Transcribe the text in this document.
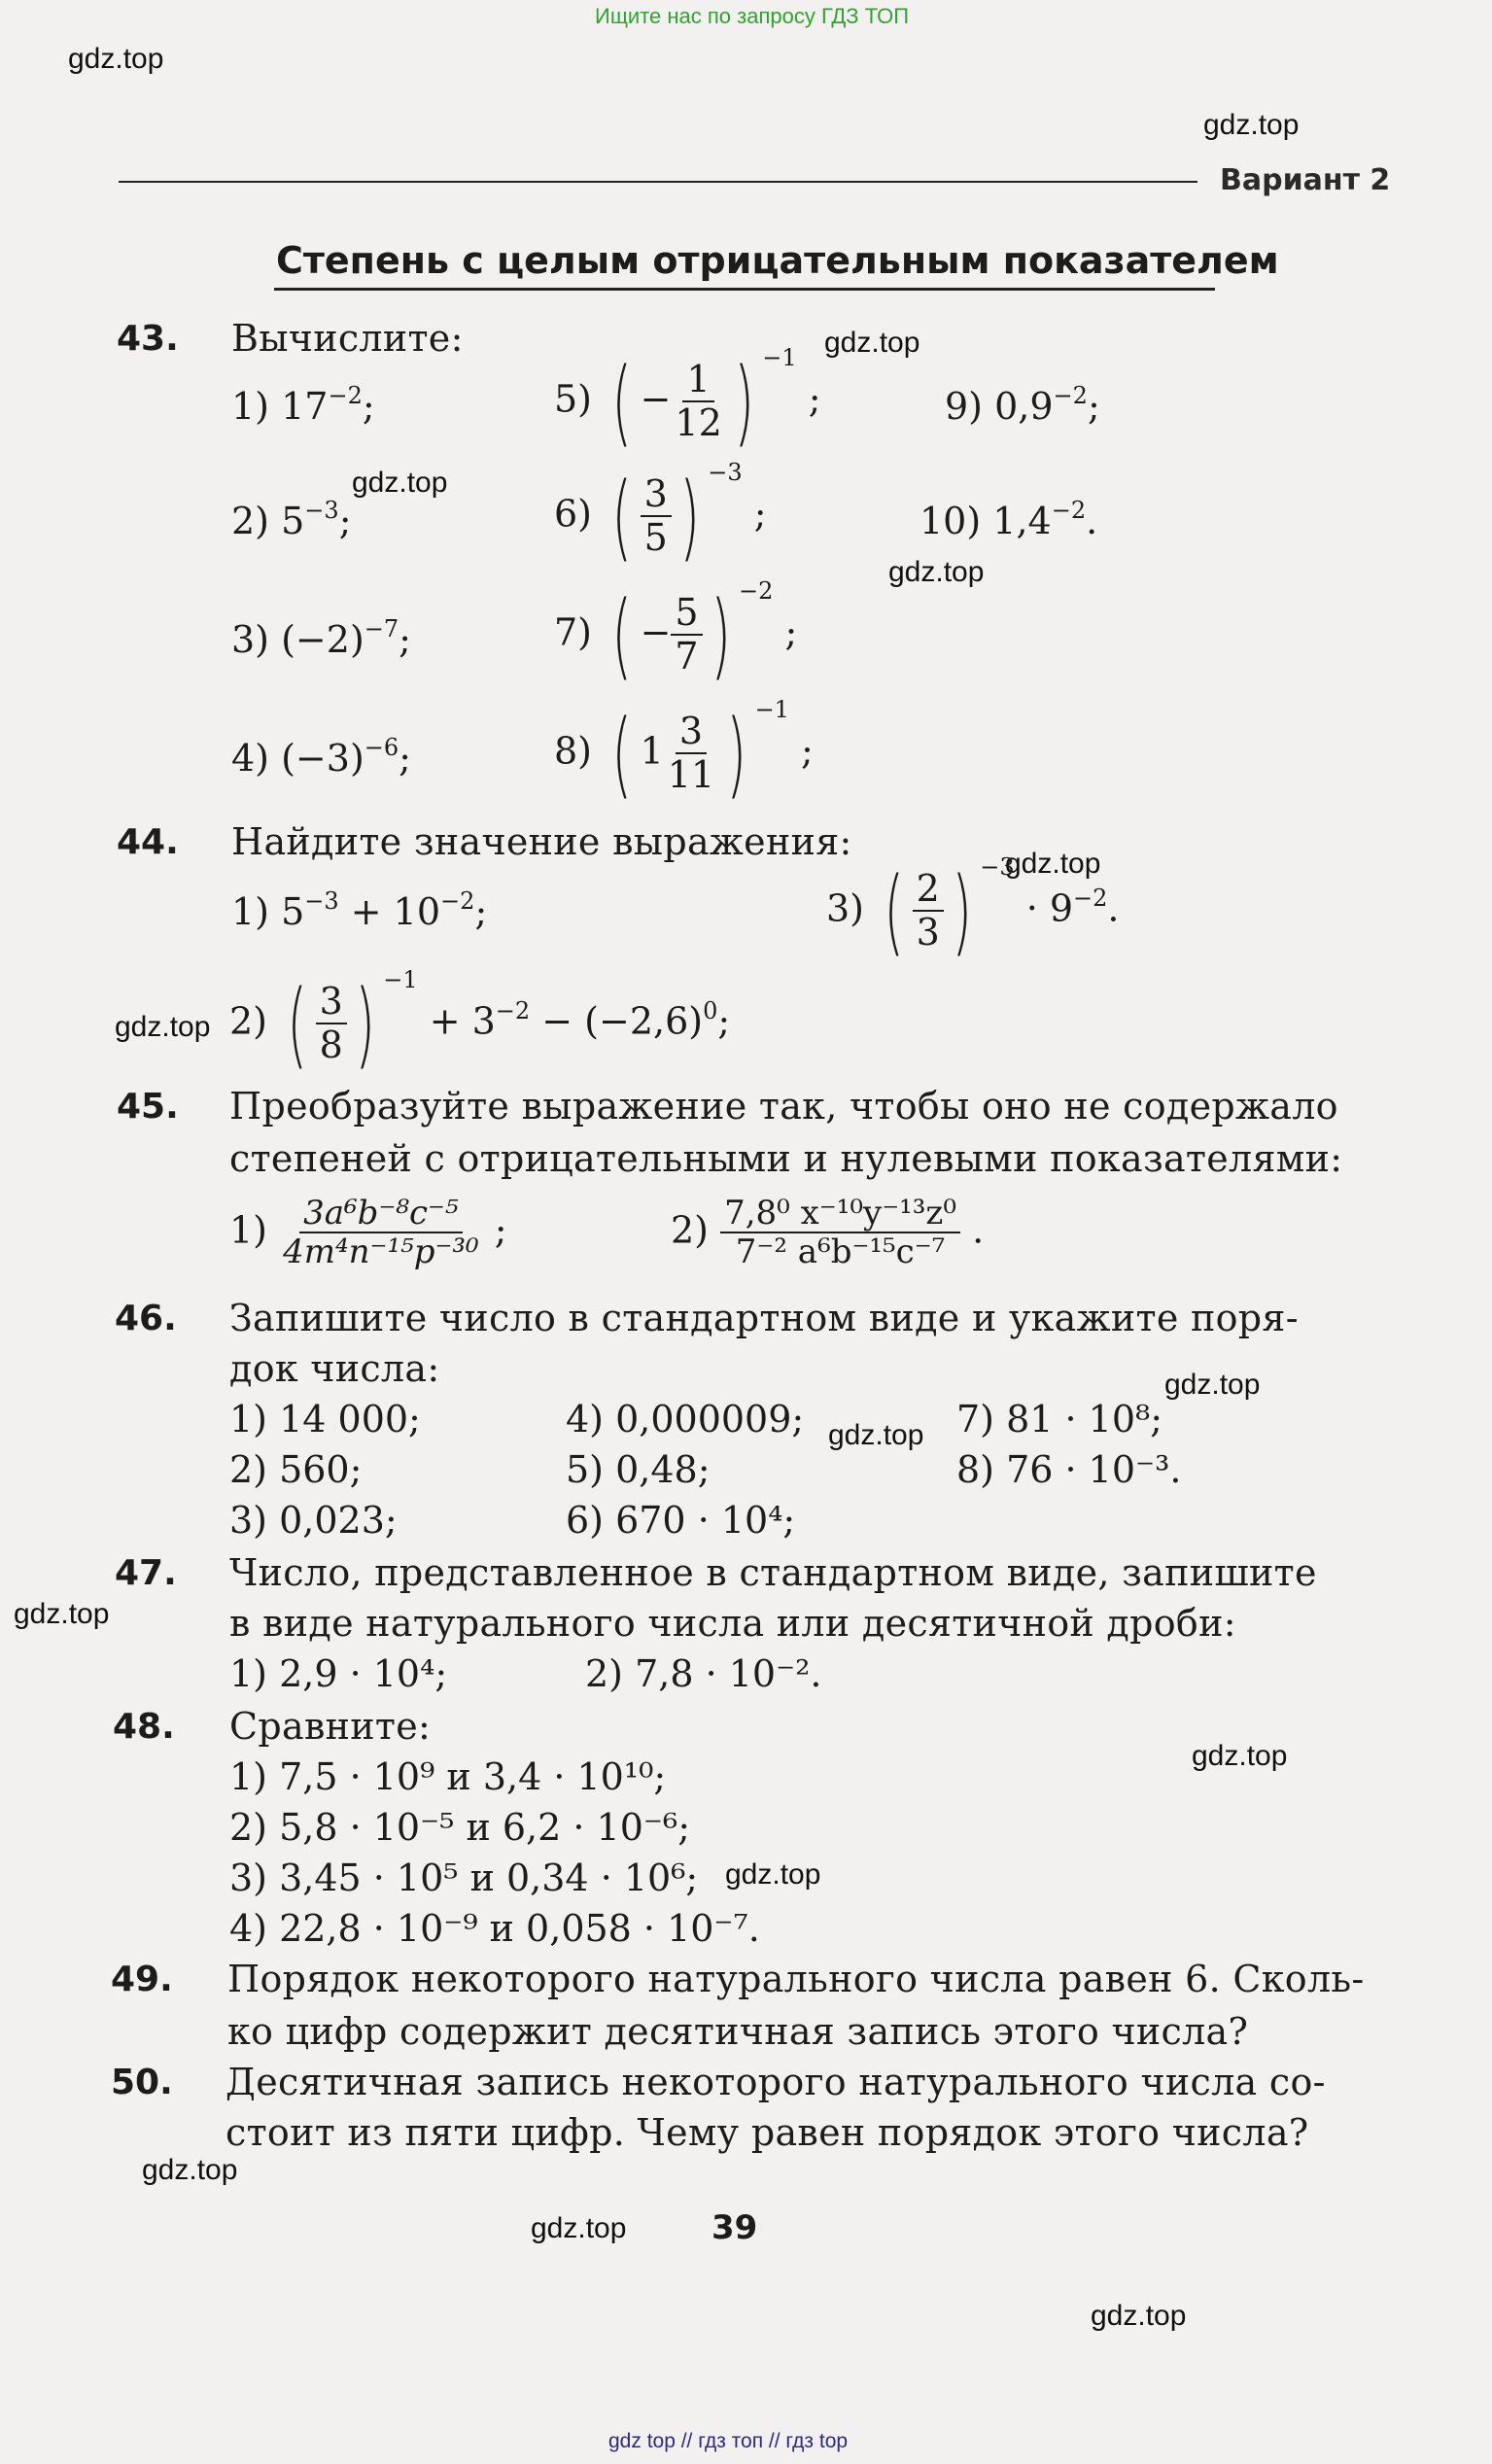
Ищите нас по запросу ГДЗ ТОП
gdz top // гдз топ // гдз top
gdz.top
gdz.top
gdz.top
gdz.top
gdz.top
gdz.top
gdz.top
gdz.top
gdz.top
gdz.top
gdz.top
gdz.top
gdz.top
gdz.top
gdz.top
Вариант 2
Степень с целым отрицательным показателем
43. Вычислите:
1) $17^{-2}$;
2) $5^{-3}$;
3) $(-2)^{-7}$;
4) $(-3)^{-6}$;
5) ( − $\frac{1}{12}$ ) $^{-1}$ ;
6) ( $\frac{3}{5}$ ) $^{-3}$ ;
7) ( − $\frac{5}{7}$ ) $^{-2}$ ;
8) ( $1 \frac{3}{11}$ ) $^{-1}$ ;
9) $0,9^{-2}$;
10) $1,4^{-2}$.
44. Найдите значение выражения:
1) $5^{-3} + 10^{-2}$;
2) ( $\frac{3}{8}$ ) $^{-1} + 3^{-2} - (-2,6)^0$;
3) ( $\frac{2}{3}$ ) $^{-3} \cdot 9^{-2}$.
45. Преобразуйте выражение так, чтобы оно не содержало
степеней с отрицательными и нулевыми показателями:
$1) \frac{\text{3a⁶b⁻⁸c⁻⁵}}{\text{4m⁴n⁻¹⁵p⁻³⁰}}$ ;	$2) \frac{\text{7,8⁰ x⁻¹⁰y⁻¹³z⁰}}{\text{7⁻² a⁶b⁻¹⁵c⁻⁷}}$ .
46. Запишите число в стандартном виде и укажите поря-
док числа:
1) 14 000;
2) 560;
3) 0,023;
4) 0,000009;
5) 0,48;
6) 670 · 10⁴;
7) 81 · 10⁸;
8) 76 · 10⁻³.
47. Число, представленное в стандартном виде, запишите
в виде натурального числа или десятичной дроби:
1) 2,9 · 10⁴;	2) 7,8 · 10⁻².
48. Сравните:
1) 7,5 · 10⁹ и 3,4 · 10¹⁰;
2) 5,8 · 10⁻⁵ и 6,2 · 10⁻⁶;
3) 3,45 · 10⁵ и 0,34 · 10⁶;
4) 22,8 · 10⁻⁹ и 0,058 · 10⁻⁷.
49. Порядок некоторого натурального числа равен 6. Сколь-
ко цифр содержит десятичная запись этого числа?
50. Десятичная запись некоторого натурального числа со-
стоит из пяти цифр. Чему равен порядок этого числа?
39
